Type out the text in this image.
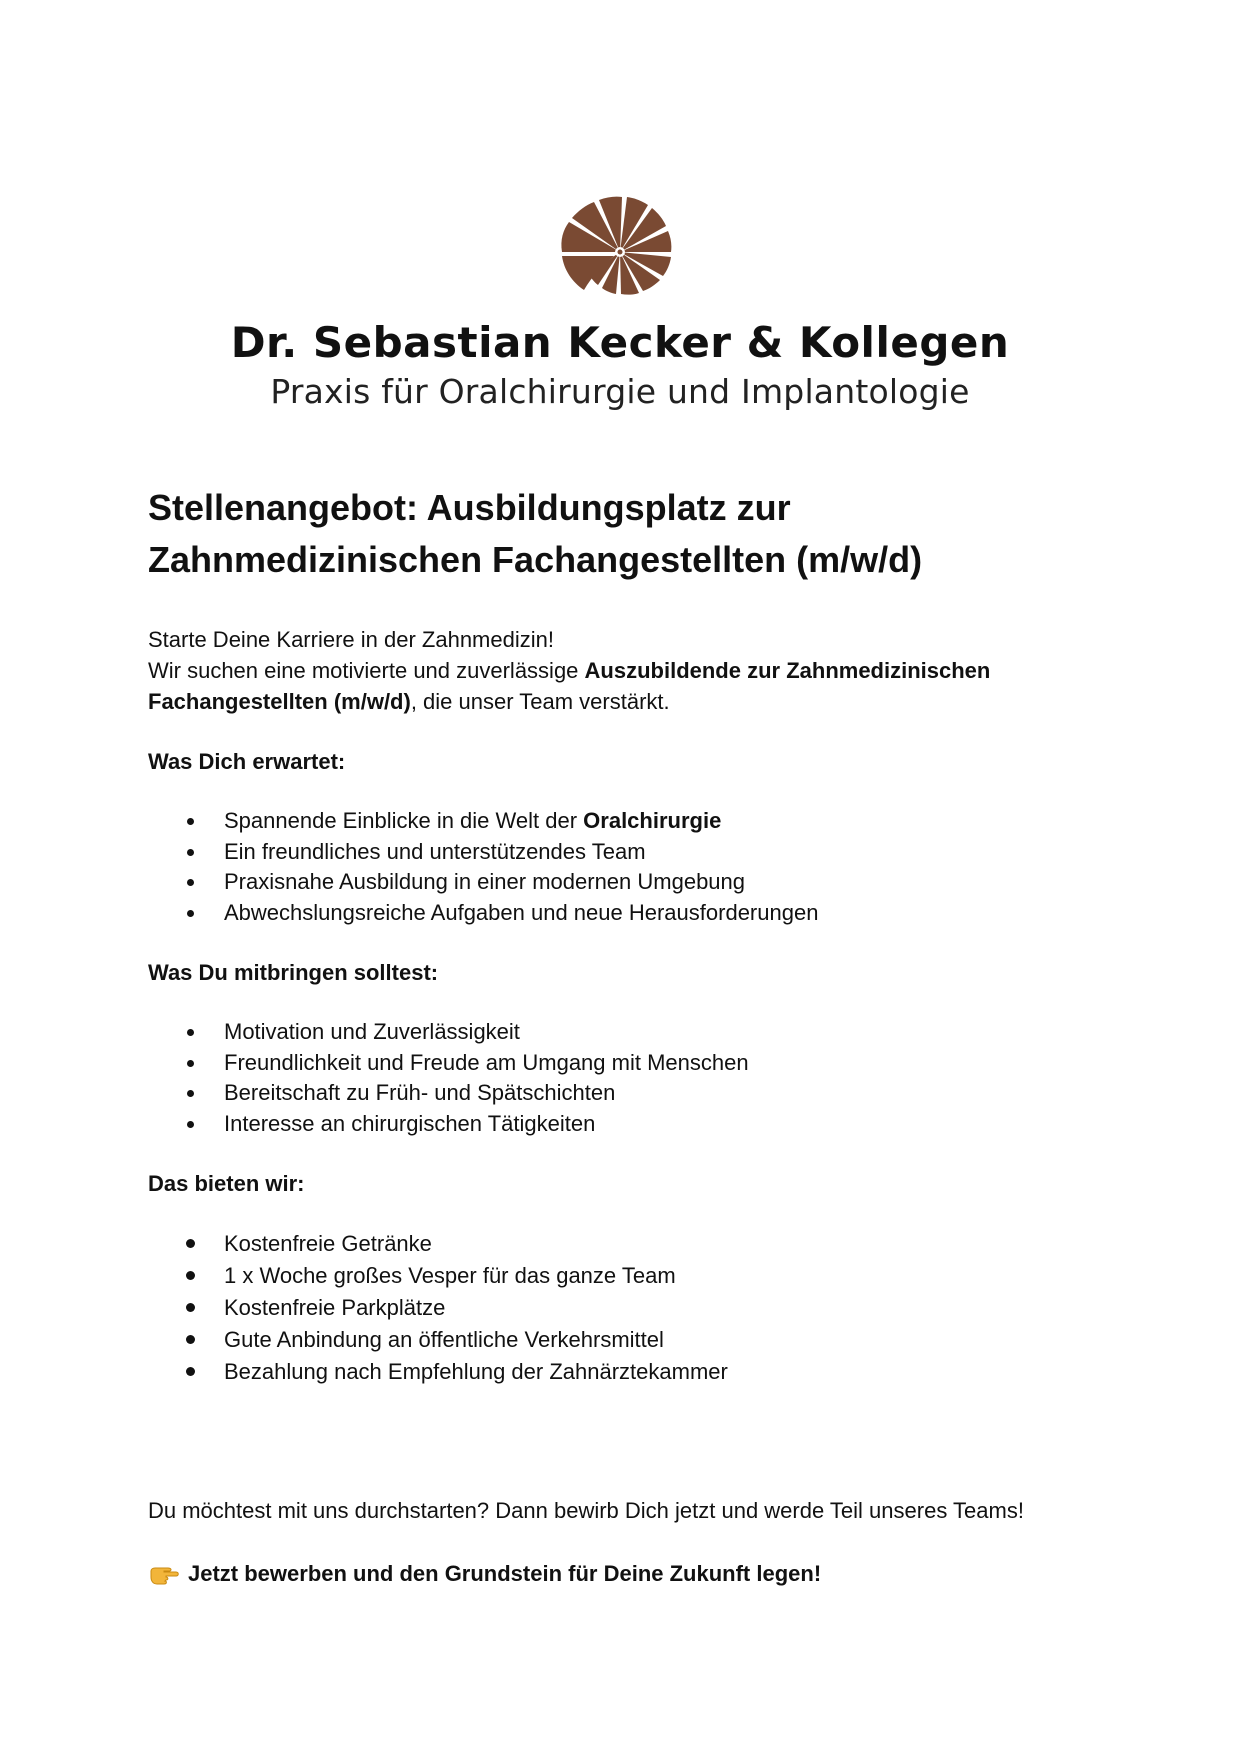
Dr. Sebastian Kecker & Kollegen
Praxis für Oralchirurgie und Implantologie
Stellenangebot: Ausbildungsplatz zur
Zahnmedizinischen Fachangestellten (m/w/d)

Starte Deine Karriere in der Zahnmedizin!
Wir suchen eine motivierte und zuverlässige Auszubildende zur Zahnmedizinischen
Fachangestellten (m/w/d), die unser Team verstärkt.

Was Dich erwartet:
Spannende Einblicke in die Welt der Oralchirurgie
Ein freundliches und unterstützendes Team
Praxisnahe Ausbildung in einer modernen Umgebung
Abwechslungsreiche Aufgaben und neue Herausforderungen
Was Du mitbringen solltest:
Motivation und Zuverlässigkeit
Freundlichkeit und Freude am Umgang mit Menschen
Bereitschaft zu Früh- und Spätschichten
Interesse an chirurgischen Tätigkeiten
Das bieten wir:
Kostenfreie Getränke
1 x Woche großes Vesper für das ganze Team
Kostenfreie Parkplätze
Gute Anbindung an öffentliche Verkehrsmittel
Bezahlung nach Empfehlung der Zahnärztekammer

Du möchtest mit uns durchstarten? Dann bewirb Dich jetzt und werde Teil unseres Teams!

Jetzt bewerben und den Grundstein für Deine Zukunft legen!
